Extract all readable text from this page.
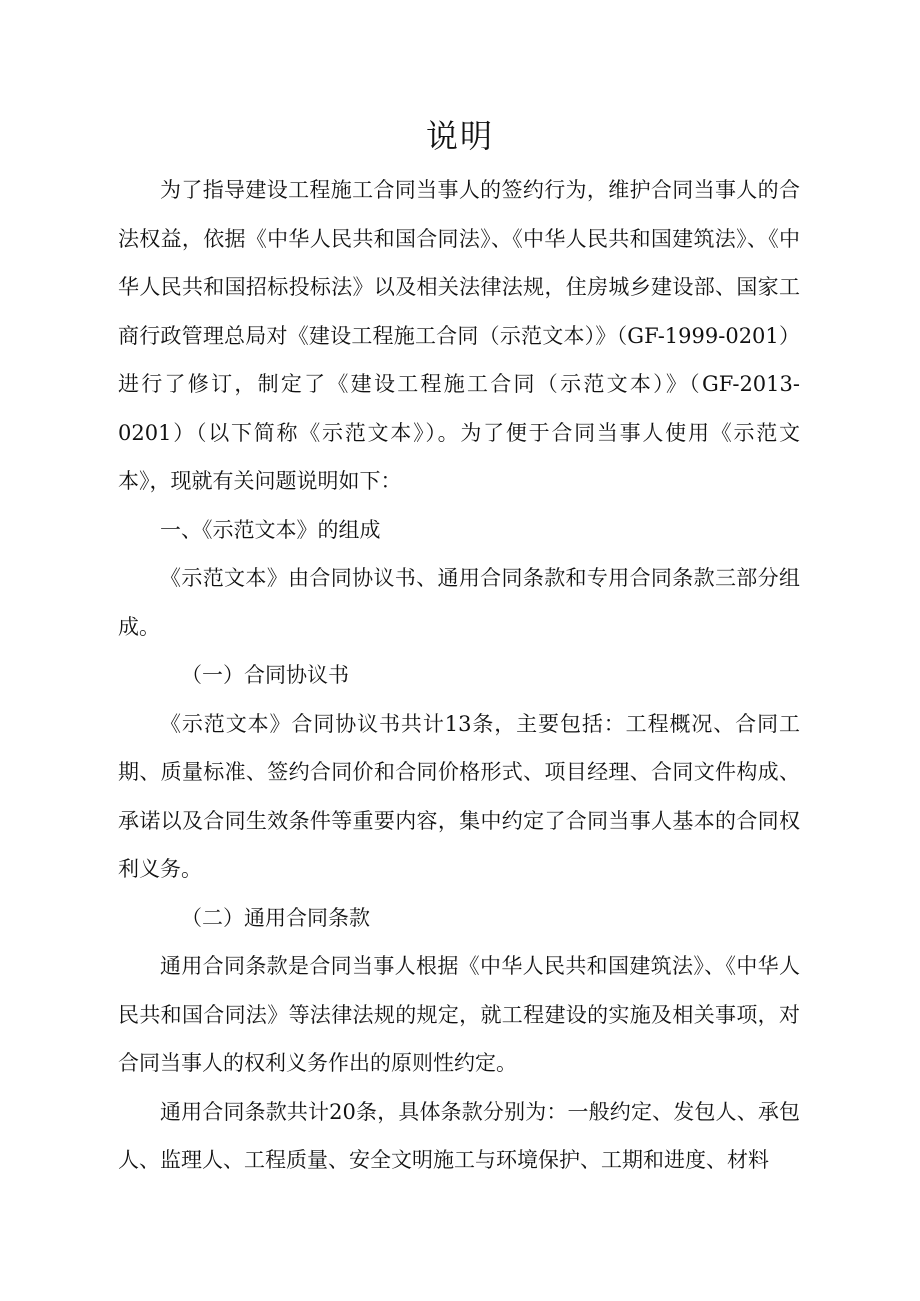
说明

为了指导建设工程施工合同当事人的签约行为，维护合同当事人的合法权益，依据《中华人民共和国合同法》、《中华人民共和国建筑法》、《中华人民共和国招标投标法》以及相关法律法规，住房城乡建设部、国家工商行政管理总局对《建设工程施工合同（示范文本）》（GF-1999-0201）进行了修订，制定了《建设工程施工合同（示范文本）》（GF-2013-0201）（以下简称《示范文本》）。为了便于合同当事人使用《示范文本》，现就有关问题说明如下：

一、《示范文本》的组成

《示范文本》由合同协议书、通用合同条款和专用合同条款三部分组成。

（一）合同协议书

《示范文本》合同协议书共计13条，主要包括：工程概况、合同工期、质量标准、签约合同价和合同价格形式、项目经理、合同文件构成、承诺以及合同生效条件等重要内容，集中约定了合同当事人基本的合同权利义务。

（二）通用合同条款

通用合同条款是合同当事人根据《中华人民共和国建筑法》、《中华人民共和国合同法》等法律法规的规定，就工程建设的实施及相关事项，对合同当事人的权利义务作出的原则性约定。

通用合同条款共计20条，具体条款分别为：一般约定、发包人、承包人、监理人、工程质量、安全文明施工与环境保护、工期和进度、材料
